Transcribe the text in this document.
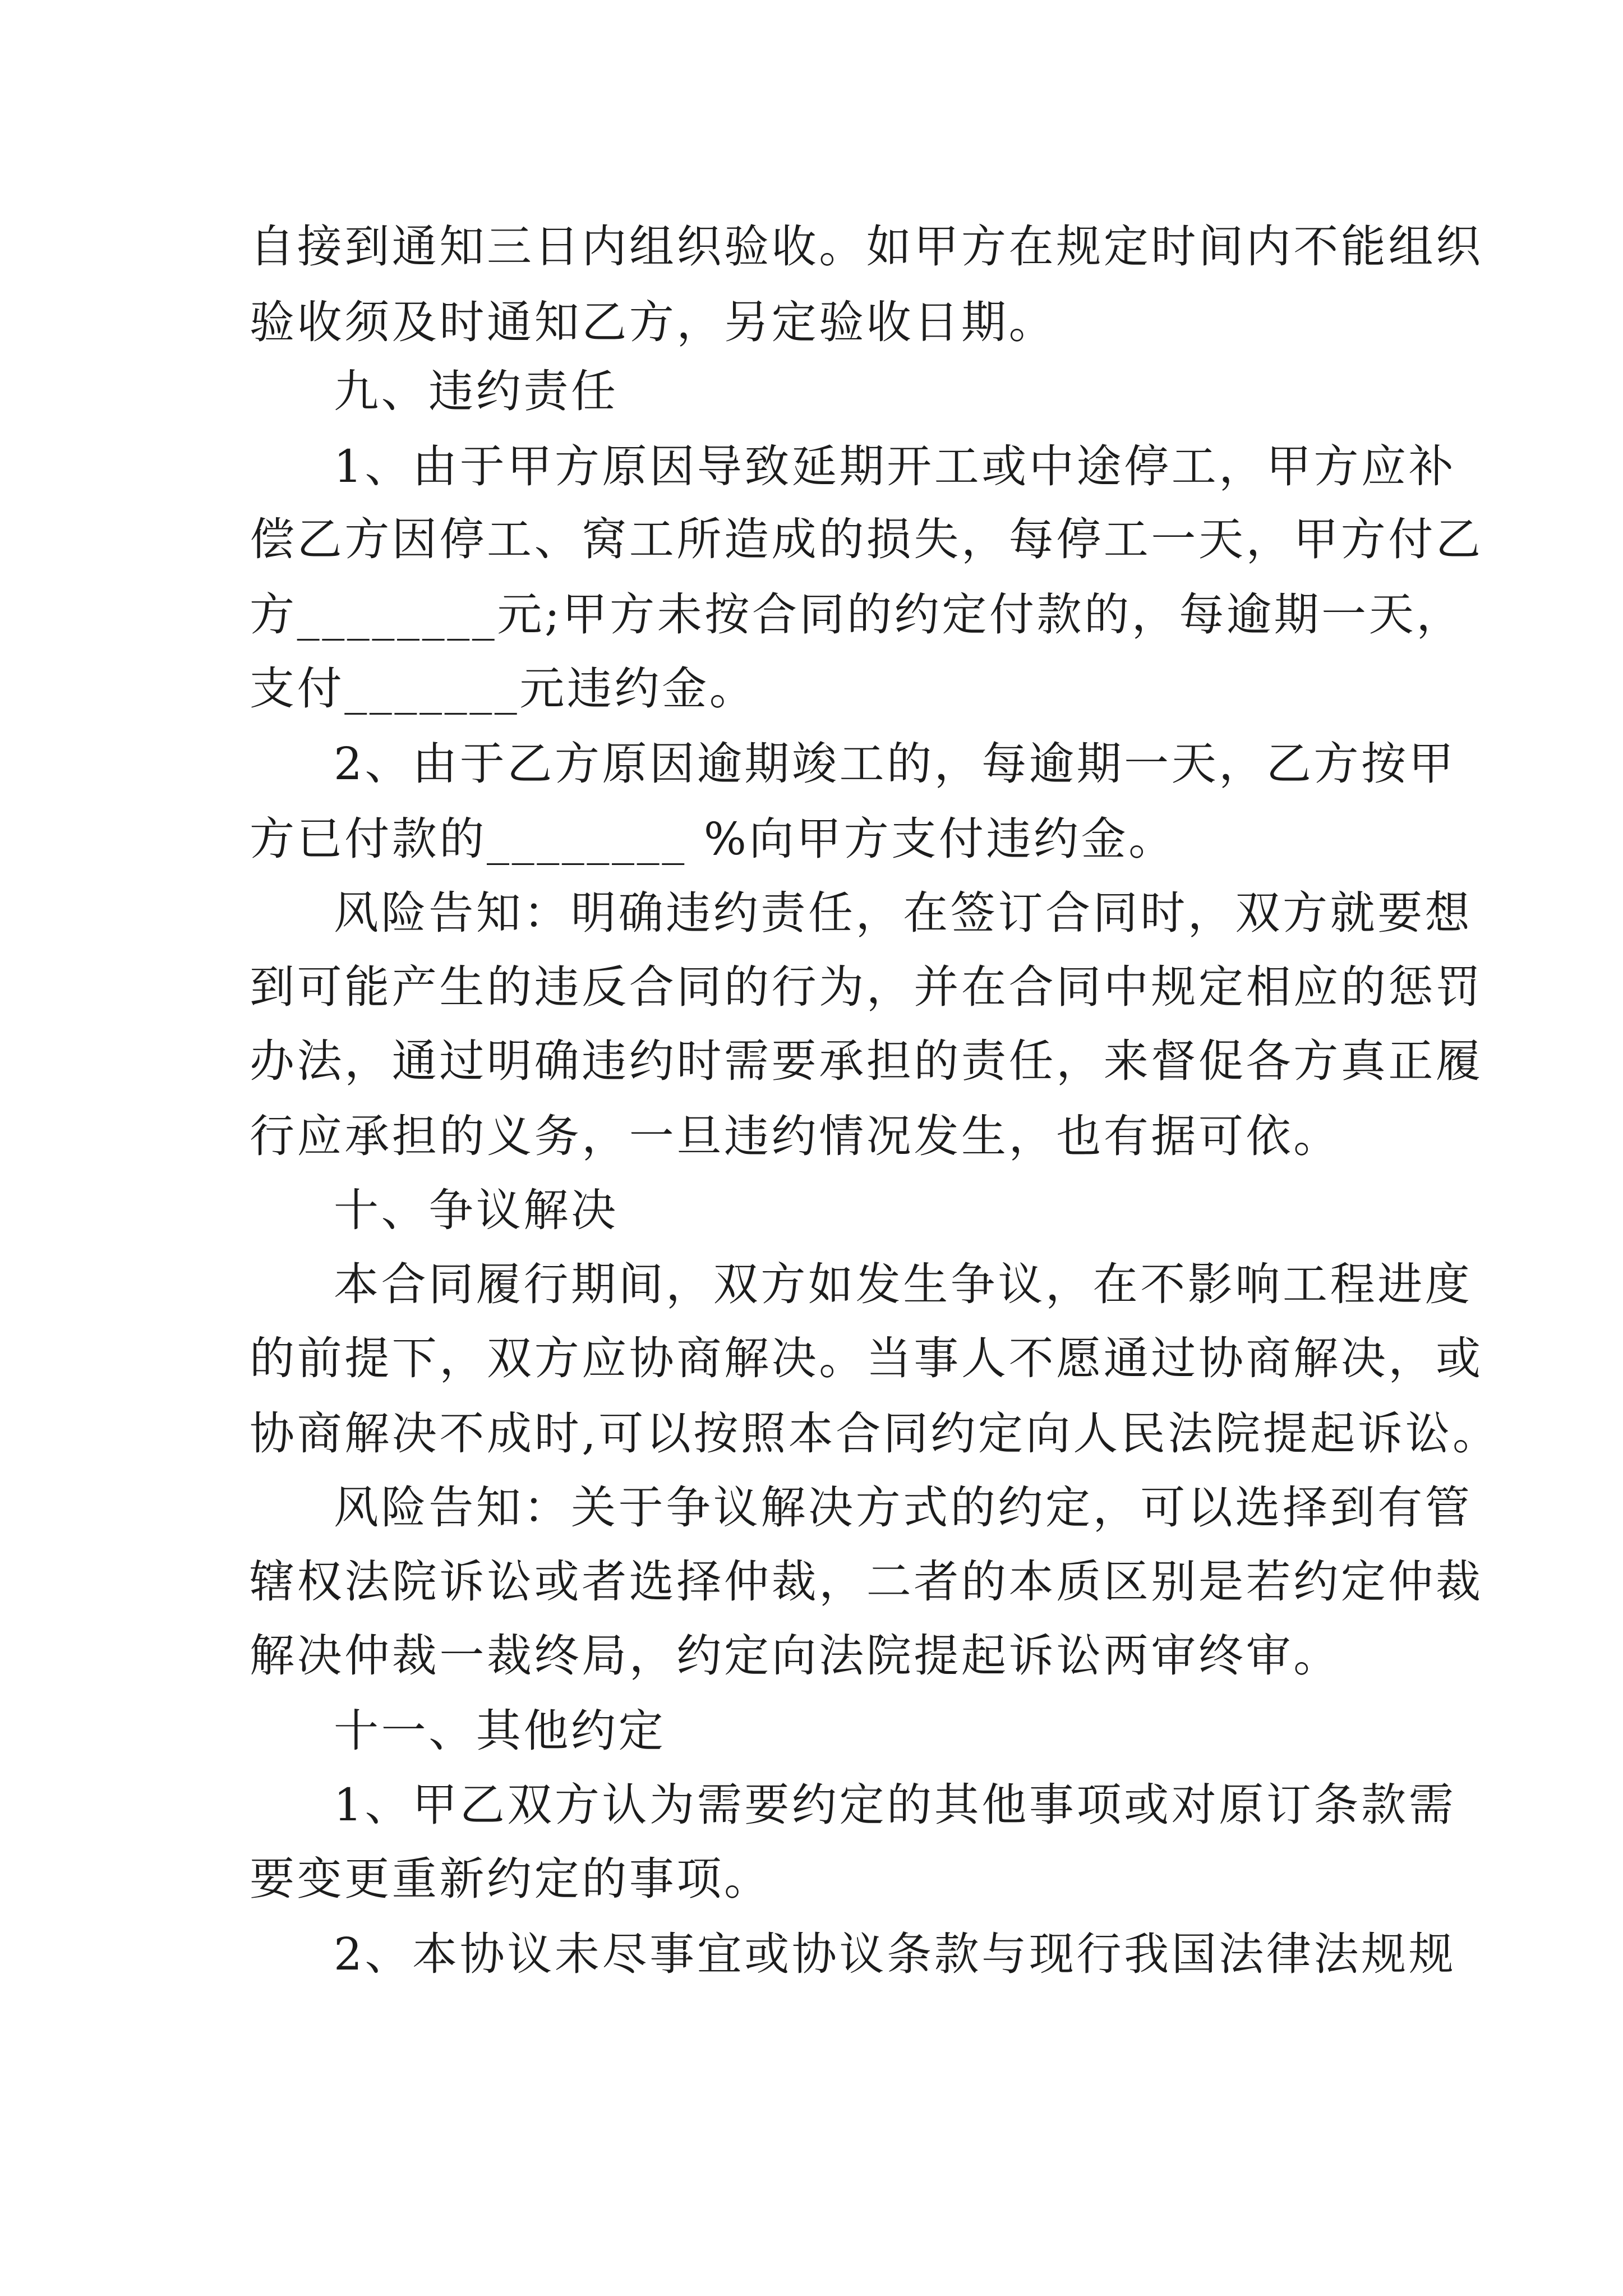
自接到通知三日内组织验收。如甲方在规定时间内不能组织
验收须及时通知乙方，另定验收日期。
九、违约责任
1、由于甲方原因导致延期开工或中途停工，甲方应补
偿乙方因停工、窝工所造成的损失，每停工一天，甲方付乙
方________元;甲方未按合同的约定付款的，每逾期一天，
支付_______元违约金。
2、由于乙方原因逾期竣工的，每逾期一天，乙方按甲
方已付款的________ %向甲方支付违约金。
风险告知：明确违约责任，在签订合同时，双方就要想
到可能产生的违反合同的行为，并在合同中规定相应的惩罚
办法，通过明确违约时需要承担的责任，来督促各方真正履
行应承担的义务，一旦违约情况发生，也有据可依。
十、争议解决
本合同履行期间，双方如发生争议，在不影响工程进度
的前提下，双方应协商解决。当事人不愿通过协商解决，或
协商解决不成时,可以按照本合同约定向人民法院提起诉讼。
风险告知：关于争议解决方式的约定，可以选择到有管
辖权法院诉讼或者选择仲裁，二者的本质区别是若约定仲裁
解决仲裁一裁终局，约定向法院提起诉讼两审终审。
十一、其他约定
1、甲乙双方认为需要约定的其他事项或对原订条款需
要变更重新约定的事项。
2、本协议未尽事宜或协议条款与现行我国法律法规规
